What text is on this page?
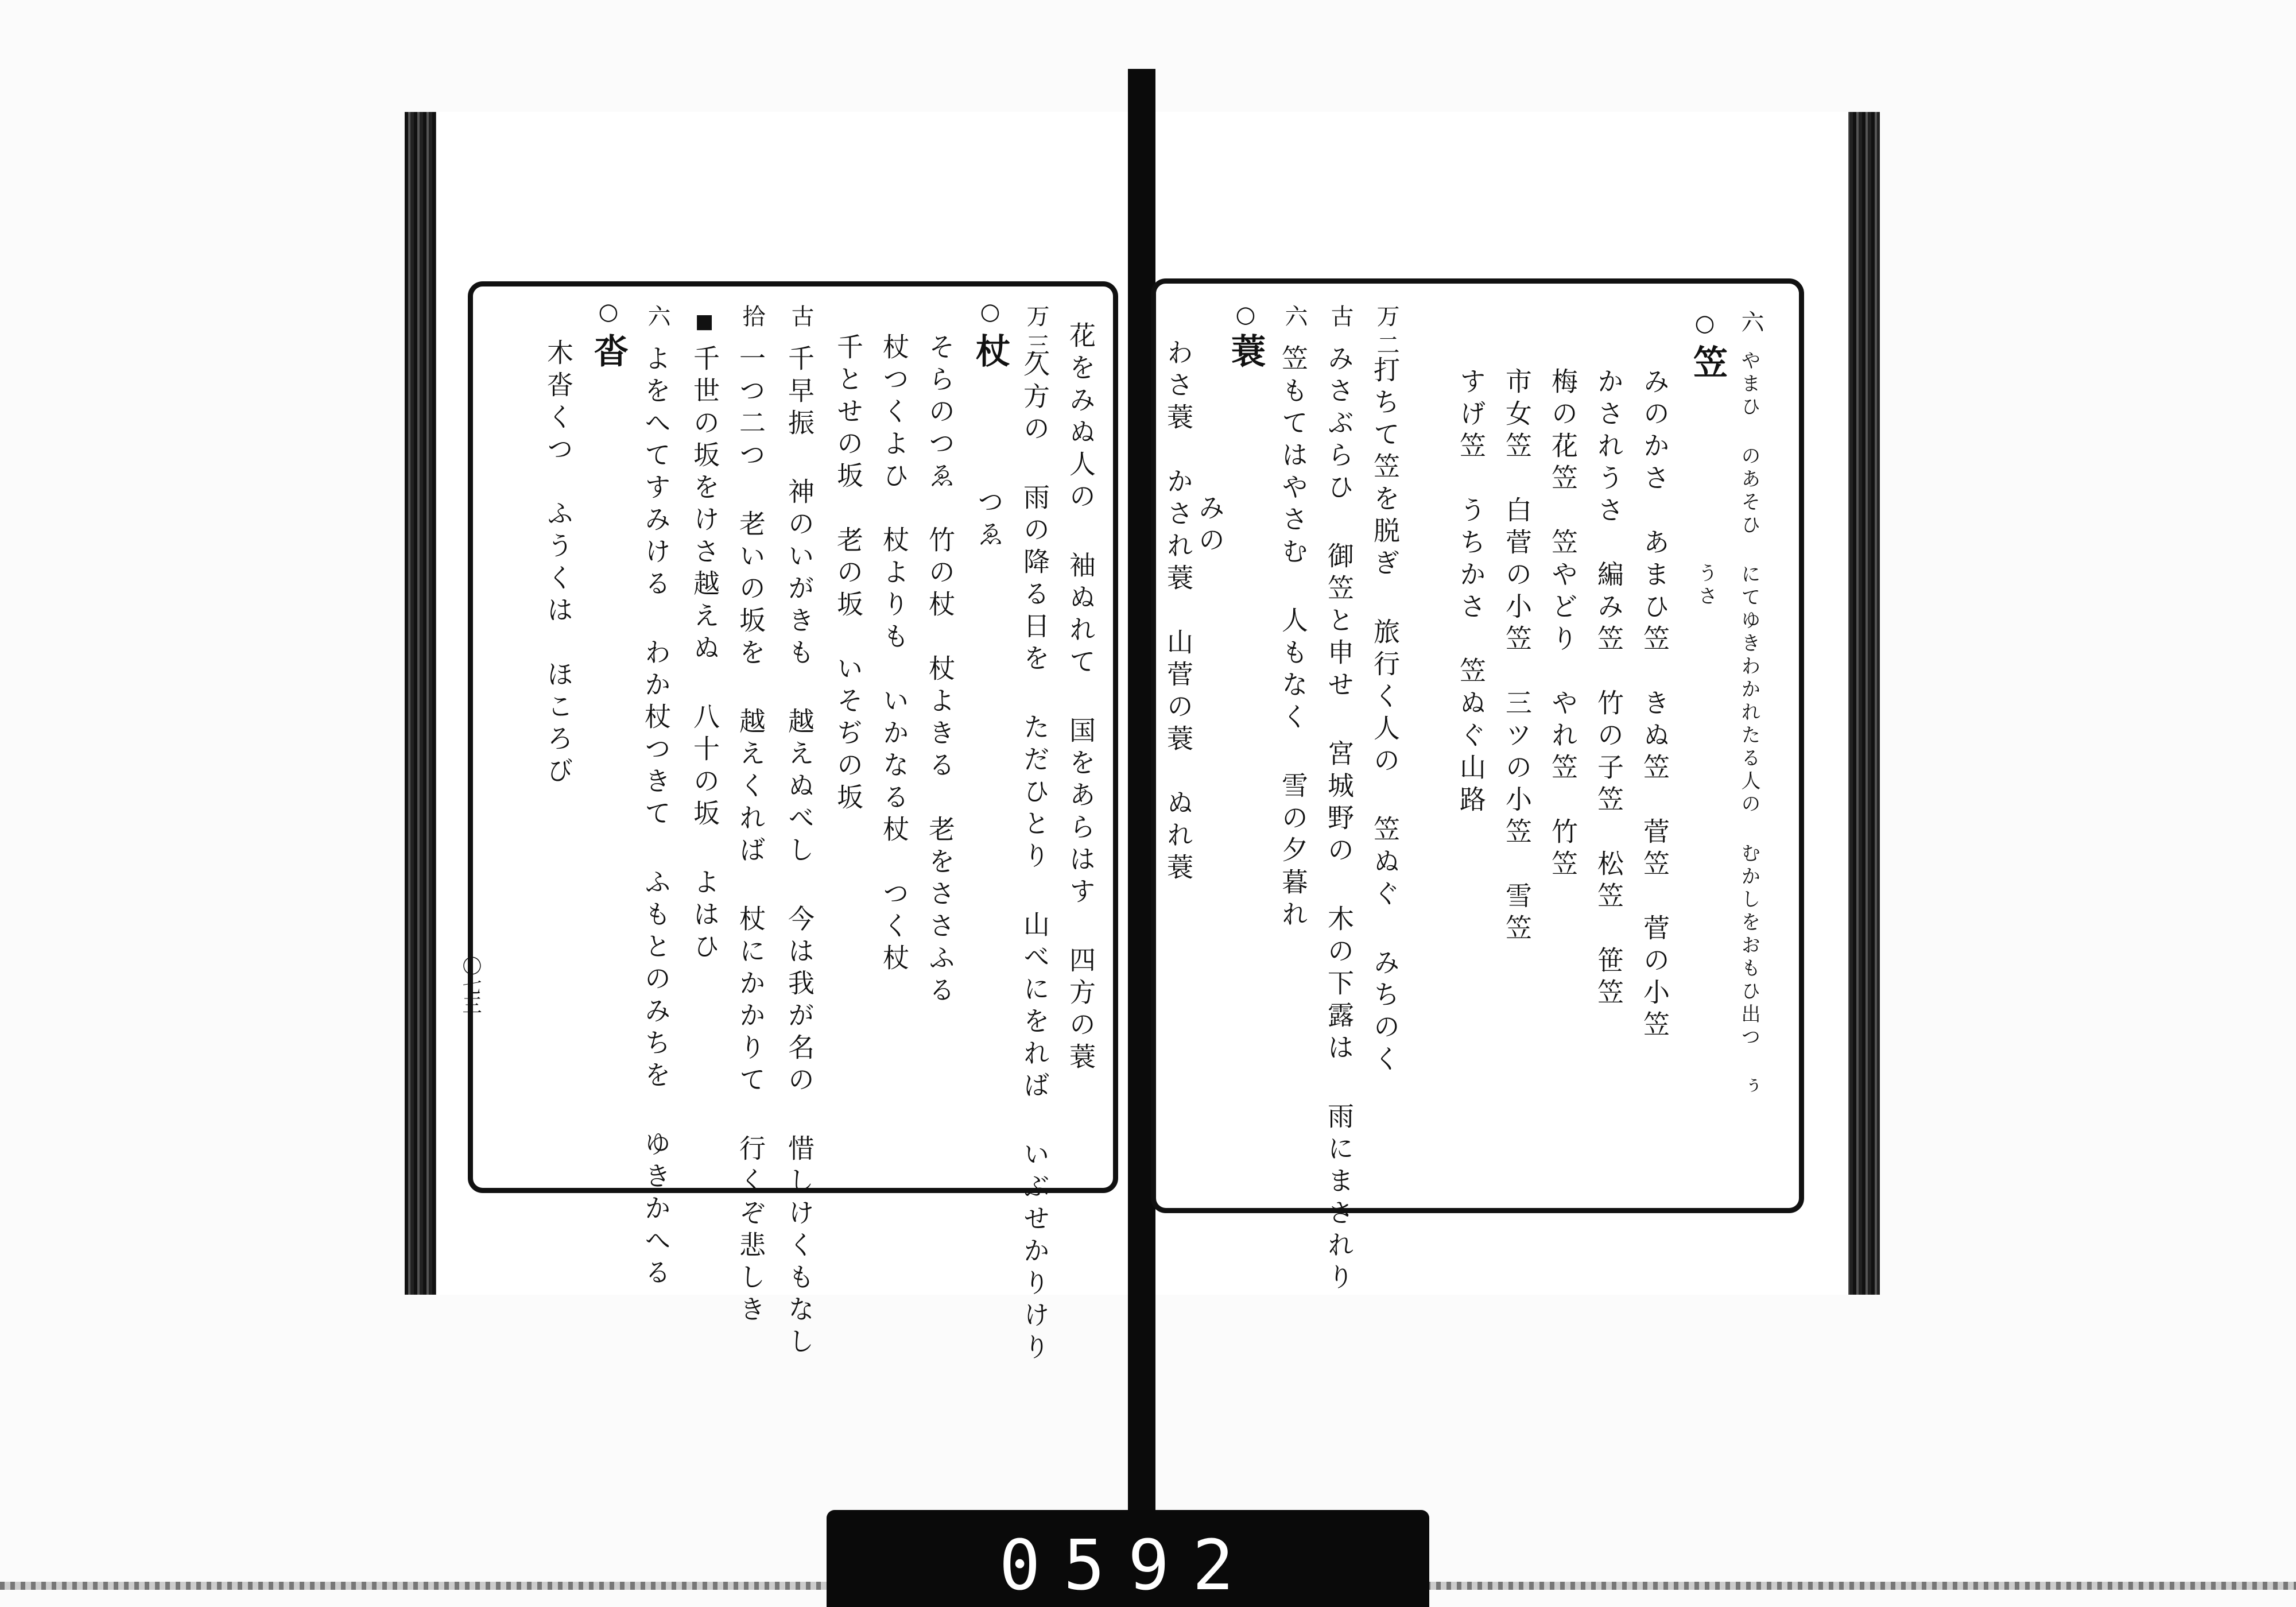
六
やまひ のあそひ にてゆきわかれたる人の むかしをおもひ出つ ぅ
○
笠
うさ
みのかさ　あまひ笠　きぬ笠　菅笠　菅の小笠
かされうさ　編み笠　竹の子笠　松笠　笹笠
梅の花笠　笠やどり　やれ笠　竹笠
市女笠　白菅の小笠　三ツの小笠　雪笠
すげ笠　うちかさ　笠ぬぐ山路
万二
打ちて笠を脱ぎ 旅行く人の 笠ぬぐ みちのく
古
みさぶらひ 御笠と申せ 宮城野の 木の下露は 雨にまされり
六
笠もてはやさむ 人もなく 雪の夕暮れ
○
蓑
みの
わさ蓑　かされ蓑　山菅の蓑　ぬれ蓑
花をみぬ人の 袖ぬれて 国をあらはす 四方の蓑
万三
久方の 雨の降る日を ただひとり 山べにをれば いぶせかりけり
○
杖
つゑ
そらのつゑ　竹の杖　杖よきる　老をささふる
杖つくよひ　杖よりも　いかなる杖　つく杖
千とせの坂　老の坂　いそぢの坂
古
千早振 神のいがきも 越えぬべし 今は我が名の 惜しけくもなし
拾
一つ二つ 老いの坂を 越えくれば 杖にかかりて 行くぞ悲しき
■
千世の坂をけさ越えぬ 八十の坂 よはひ
六
よをへてすみける わか杖つきて ふもとのみちを ゆきかへる
○
沓
木沓くつ　ふうくは　ほころび
〇七三
0592
